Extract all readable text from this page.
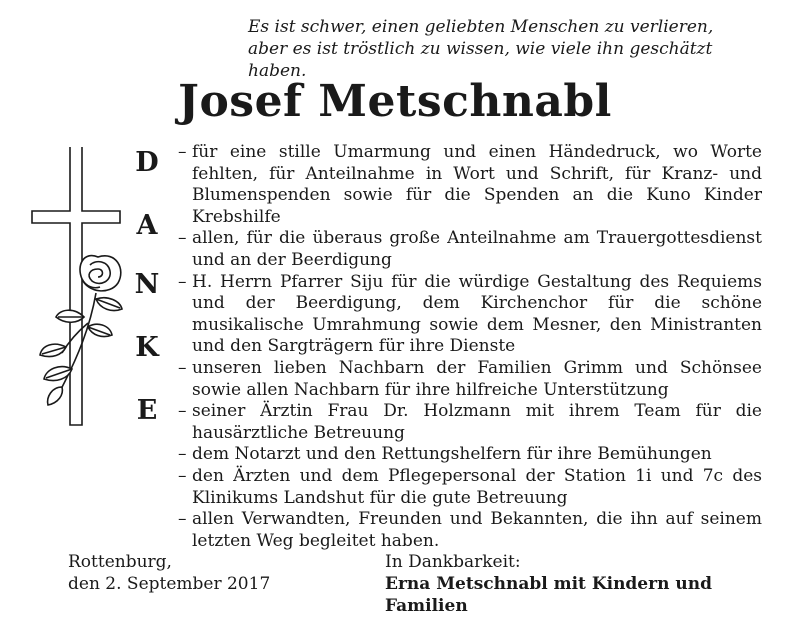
Es ist schwer, einen geliebten Menschen zu verlieren,
aber es ist tröstlich zu wissen, wie viele ihn geschätzt haben.
Josef Metschnabl
D
A
N
K
E
– für eine stille Umarmung und einen Händedruck, wo Worte fehlten, für Anteilnahme in Wort und Schrift, für Kranz- und Blumenspenden sowie für die Spenden an die Kuno Kinder Krebshilfe
– allen, für die überaus große Anteilnahme am Trauergottesdienst und an der Beerdigung
– H. Herrn Pfarrer Siju für die würdige Gestaltung des Requiems und der Beerdigung, dem Kirchenchor für die schöne musikalische Umrahmung sowie dem Mesner, den Ministranten und den Sargträgern für ihre Dienste
– unseren lieben Nachbarn der Familien Grimm und Schönsee sowie allen Nachbarn für ihre hilfreiche Unterstützung
– seiner Ärztin Frau Dr. Holzmann mit ihrem Team für die hausärztliche Betreuung
– dem Notarzt und den Rettungshelfern für ihre Bemühungen
– den Ärzten und dem Pflegepersonal der Station 1i und 7c des Klinikums Landshut für die gute Betreuung
– allen Verwandten, Freunden und Bekannten, die ihn auf seinem letzten Weg begleitet haben.
Rottenburg,
den 2. September 2017
In Dankbarkeit:
Erna Metschnabl mit Kindern und Familien
